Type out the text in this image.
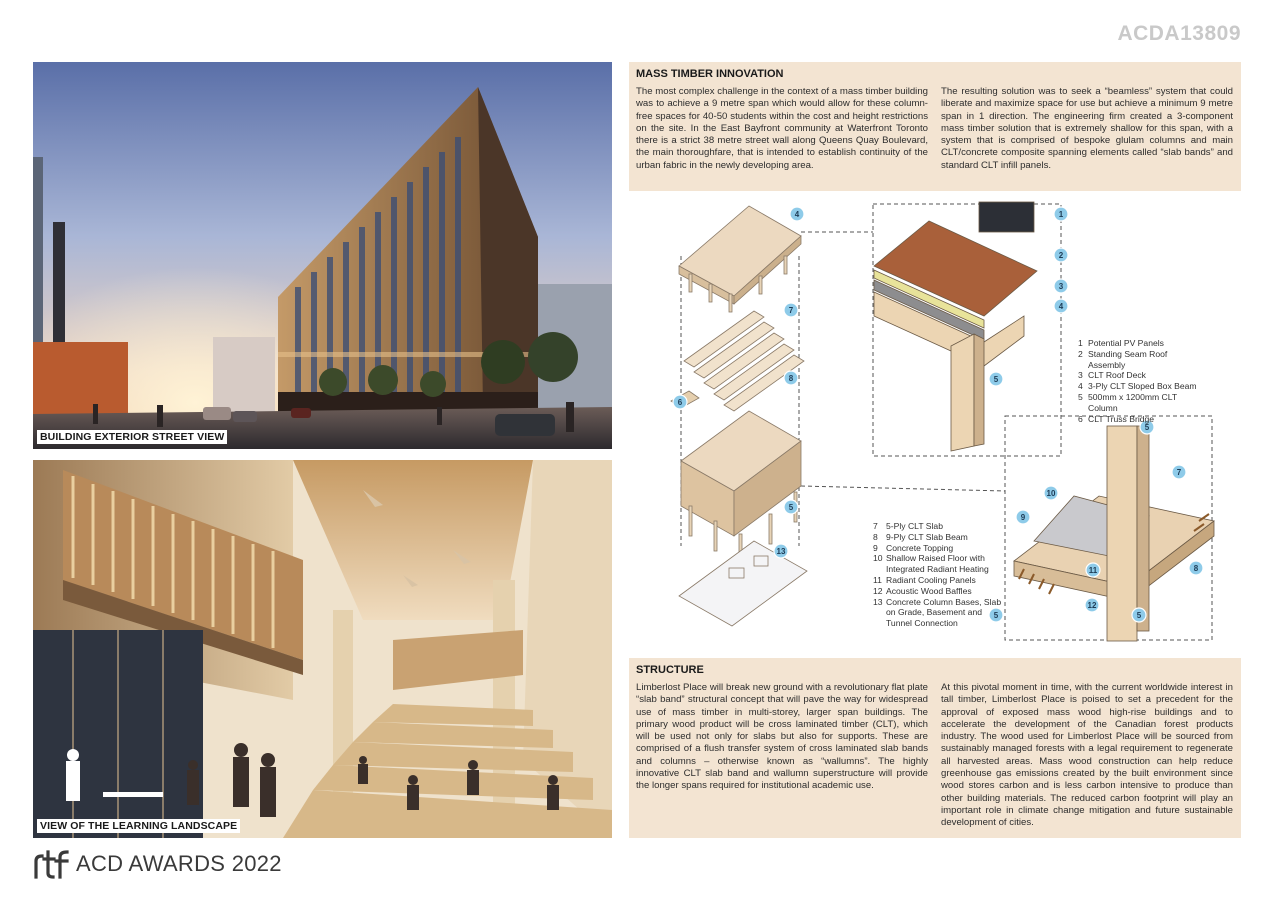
ACDA13809
BUILDING EXTERIOR STREET VIEW
VIEW OF THE LEARNING LANDSCAPE
MASS TIMBER INNOVATION
The most complex challenge in the context of a mass timber building was to achieve a 9 metre span which would allow for these column-free spaces for 40-50 students within the cost and height restrictions on the site. In the East Bayfront community at Waterfront Toronto there is a strict 38 metre street wall along Queens Quay Boulevard, the main thoroughfare, that is intended to establish continuity of the urban fabric in the newly developing area.
The resulting solution was to seek a “beamless” system that could liberate and maximize space for use but achieve a minimum 9 metre span in 1 direction. The engineering firm created a 3-component mass timber solution that is extremely shallow for this span, with a system that is comprised of bespoke glulam columns and main CLT/concrete composite spanning elements called “slab bands” and standard CLT infill panels.
1
2
3
4
4
5
5
5
5	5
6
7
7
8
8
9
10
11
12
13
1 Potential PV Panels
2 Standing Seam Roof Assembly
3 CLT Roof Deck
4 3-Ply CLT Sloped Box Beam
5 500mm x 1200mm CLT Column
6 CLT Truss Bridge
7 5-Ply CLT Slab
8 9-Ply CLT Slab Beam
9 Concrete Topping
10 Shallow Raised Floor with Integrated Radiant Heating
11 Radiant Cooling Panels
12 Acoustic Wood Baffles
13 Concrete Column Bases, Slab on Grade, Basement and Tunnel Connection
STRUCTURE
Limberlost Place will break new ground with a revolutionary flat plate “slab band” structural concept that will pave the way for widespread use of mass timber in multi-storey, larger span buildings. The primary wood product will be cross laminated timber (CLT), which will be used not only for slabs but also for supports. These are comprised of a flush transfer system of cross laminated slab bands and columns – otherwise known as “wallumns”. The highly innovative CLT slab band and wallumn superstructure will provide the longer spans required for institutional academic use.
At this pivotal moment in time, with the current worldwide interest in tall timber, Limberlost Place is poised to set a precedent for the approval of exposed mass wood high-rise buildings and to accelerate the development of the Canadian forest products industry. The wood used for Limberlost Place will be sourced from sustainably managed forests with a legal requirement to regenerate all harvested areas. Mass wood construction can help reduce greenhouse gas emissions created by the built environment since wood stores carbon and is less carbon intensive to produce than other building materials. The reduced carbon footprint will play an important role in climate change mitigation and future sustainable development of cities.
ACD AWARDS 2022
